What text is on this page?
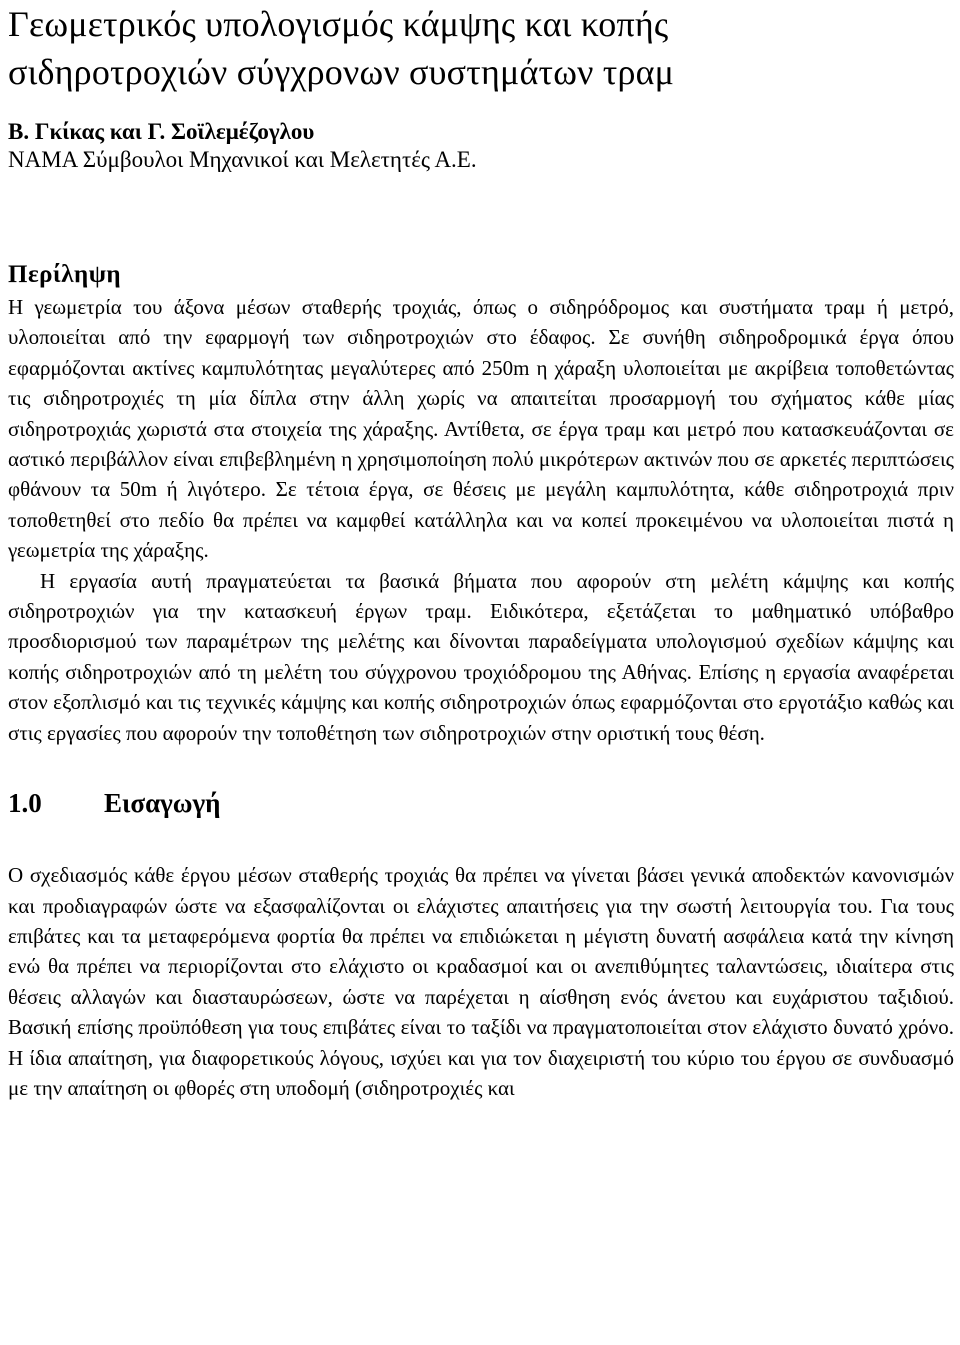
Γεωμετρικός υπολογισμός κάμψης και κοπής
σιδηροτροχιών σύγχρονων συστημάτων τραμ
Β. Γκίκας και Γ. Σοϊλεμέζογλου
ΝΑΜΑ Σύμβουλοι Μηχανικοί και Μελετητές Α.Ε.
Περίληψη

Η γεωμετρία του άξονα μέσων σταθερής τροχιάς, όπως ο σιδηρόδρομος και συστήματα τραμ ή μετρό, υλοποιείται από την εφαρμογή των σιδηροτροχιών στο έδαφος. Σε συνήθη σιδηροδρομικά έργα όπου εφαρμόζονται ακτίνες καμπυλότητας μεγαλύτερες από 250m η χάραξη υλοποιείται με ακρίβεια τοποθετώντας τις σιδηροτροχιές τη μία δίπλα στην άλλη χωρίς να απαιτείται προσαρμογή του σχήματος κάθε μίας σιδηροτροχιάς χωριστά στα στοιχεία της χάραξης. Αντίθετα, σε έργα τραμ και μετρό που κατασκευάζονται σε αστικό περιβάλλον είναι επιβεβλημένη η χρησιμοποίηση πολύ μικρότερων ακτινών που σε αρκετές περιπτώσεις φθάνουν τα 50m ή λιγότερο. Σε τέτοια έργα, σε θέσεις με μεγάλη καμπυλότητα, κάθε σιδηροτροχιά πριν τοποθετηθεί στο πεδίο θα πρέπει να καμφθεί κατάλληλα και να κοπεί προκειμένου να υλοποιείται πιστά η γεωμετρία της χάραξης.

Η εργασία αυτή πραγματεύεται τα βασικά βήματα που αφορούν στη μελέτη κάμψης και κοπής σιδηροτροχιών για την κατασκευή έργων τραμ. Ειδικότερα, εξετάζεται το μαθηματικό υπόβαθρο προσδιορισμού των παραμέτρων της μελέτης και δίνονται παραδείγματα υπολογισμού σχεδίων κάμψης και κοπής σιδηροτροχιών από τη μελέτη του σύγχρονου τροχιόδρομου της Αθήνας. Επίσης η εργασία αναφέρεται στον εξοπλισμό και τις τεχνικές κάμψης και κοπής σιδηροτροχιών όπως εφαρμόζονται στο εργοτάξιο καθώς και στις εργασίες που αφορούν την τοποθέτηση των σιδηροτροχιών στην οριστική τους θέση.

1.0 Εισαγωγή

Ο σχεδιασμός κάθε έργου μέσων σταθερής τροχιάς θα πρέπει να γίνεται βάσει γενικά αποδεκτών κανονισμών και προδιαγραφών ώστε να εξασφαλίζονται οι ελάχιστες απαιτήσεις για την σωστή λειτουργία του. Για τους επιβάτες και τα μεταφερόμενα φορτία θα πρέπει να επιδιώκεται η μέγιστη δυνατή ασφάλεια κατά την κίνηση ενώ θα πρέπει να περιορίζονται στο ελάχιστο οι κραδασμοί και οι ανεπιθύμητες ταλαντώσεις, ιδιαίτερα στις θέσεις αλλαγών και διασταυρώσεων, ώστε να παρέχεται η αίσθηση ενός άνετου και ευχάριστου ταξιδιού. Βασική επίσης προϋπόθεση για τους επιβάτες είναι το ταξίδι να πραγματοποιείται στον ελάχιστο δυνατό χρόνο. Η ίδια απαίτηση, για διαφορετικούς λόγους, ισχύει και για τον διαχειριστή του κύριο του έργου σε συνδυασμό με την απαίτηση οι φθορές στη υποδομή (σιδηροτροχιές και
